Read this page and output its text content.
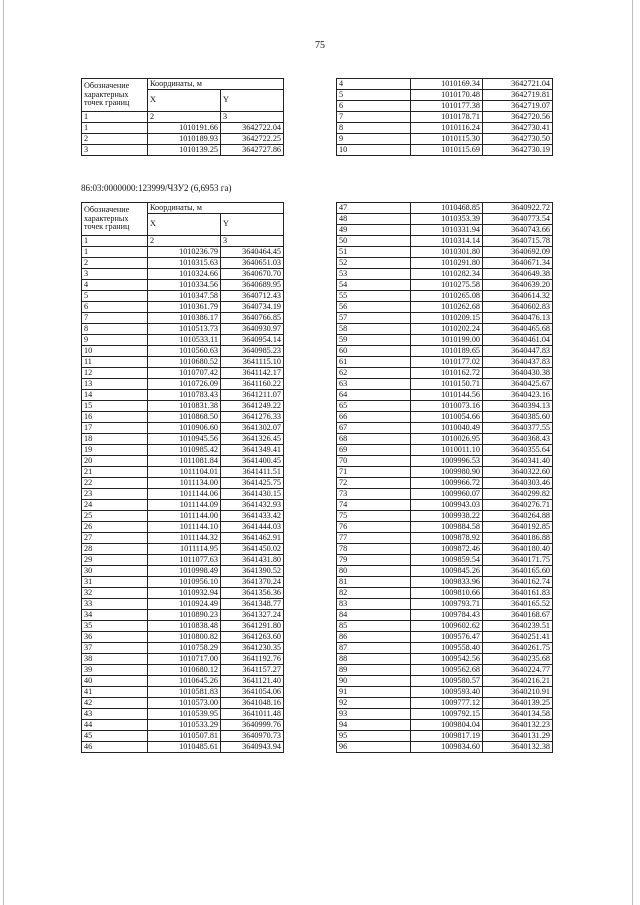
75
Обозначение характерных точек границ	Координаты, м	
	X	Y
1	2	3
1	1010191.66	3642722.04
2	1010189.93	3642722.25
3	1010139.25	3642727.86
4	1010169.34	3642721.04
5	1010170.48	3642719.81
6	1010177.38	3642719.07
7	1010178.71	3642720.56
8	1010116.24	3642730.41
9	1010115.30	3642730.50
10	1010115.69	3642730.19
86:03:0000000:123999/ЧЗУ2 (6,6953 га)
Обозначение характерных точек границ	Координаты, м	
	X	Y
1	2	3
1	1010236.79	3640464.45
2	1010315.63	3640651.03
3	1010324.66	3640670.70
4	1010334.56	3640689.95
5	1010347.58	3640712.43
6	1010361.79	3640734.19
7	1010386.17	3640766.85
8	1010513.73	3640930.97
9	1010533.11	3640954.14
10	1010560.63	3640985.23
11	1010680.52	3641115.10
12	1010707.42	3641142.17
13	1010726.09	3641160.22
14	1010783.43	3641211.07
15	1010831.38	3641249.22
16	1010868.50	3641276.33
17	1010906.60	3641302.07
18	1010945.56	3641326.45
19	1010985.42	3641349.41
20	1011081.84	3641400.45
21	1011104.01	3641411.51
22	1011134.00	3641425.75
23	1011144.06	3641430.15
24	1011144.09	3641432.93
25	1011144.00	3641433.42
26	1011144.10	3641444.03
27	1011144.32	3641462.91
28	1011114.95	3641450.02
29	1011077.63	3641431.80
30	1010998.49	3641390.52
31	1010956.10	3641370.24
32	1010932.94	3641356.36
33	1010924.49	3641348.77
34	1010890.23	3641327.24
35	1010838.48	3641291.80
36	1010800.82	3641263.60
37	1010758.29	3641230.35
38	1010717.00	3641192.76
39	1010680.12	3641157.27
40	1010645.26	3641121.40
41	1010581.83	3641054.06
42	1010573.00	3641048.16
43	1010539.95	3641011.48
44	1010533.29	3640999.76
45	1010507.81	3640970.73
46	1010485.61	3640943.94
47	1010468.85	3640922.72
48	1010353.39	3640773.54
49	1010331.94	3640743.66
50	1010314.14	3640715.78
51	1010301.80	3640692.09
52	1010291.80	3640671.34
53	1010282.34	3640649.38
54	1010275.58	3640639.20
55	1010265.08	3640614.32
56	1010262.68	3640602.83
57	1010209.15	3640476.13
58	1010202.24	3640465.68
59	1010199.00	3640461.04
60	1010189.65	3640447.83
61	1010177.02	3640437.83
62	1010162.72	3640430.38
63	1010150.71	3640425.67
64	1010144.56	3640423.16
65	1010073.16	3640394.13
66	1010054.66	3640385.60
67	1010040.49	3640377.55
68	1010026.95	3640368.43
69	1010011.10	3640355.64
70	1009996.53	3640341.40
71	1009980.90	3640322.60
72	1009966.72	3640303.46
73	1009960.07	3640299.82
74	1009943.03	3640276.71
75	1009938.22	3640264.88
76	1009884.58	3640192.85
77	1009878.92	3640186.88
78	1009872.46	3640180.40
79	1009859.54	3640171.75
80	1009845.26	3640165.60
81	1009833.96	3640162.74
82	1009810.66	3640161.83
83	1009793.71	3640165.52
84	1009784.43	3640168.67
85	1009602.62	3640239.51
86	1009576.47	3640251.41
87	1009558.40	3640261.75
88	1009542.56	3640235.68
89	1009562.68	3640224.77
90	1009580.57	3640216.21
91	1009593.40	3640210.91
92	1009777.12	3640139.25
93	1009792.15	3640134.58
94	1009804.04	3640132.23
95	1009817.19	3640131.29
96	1009834.60	3640132.38
